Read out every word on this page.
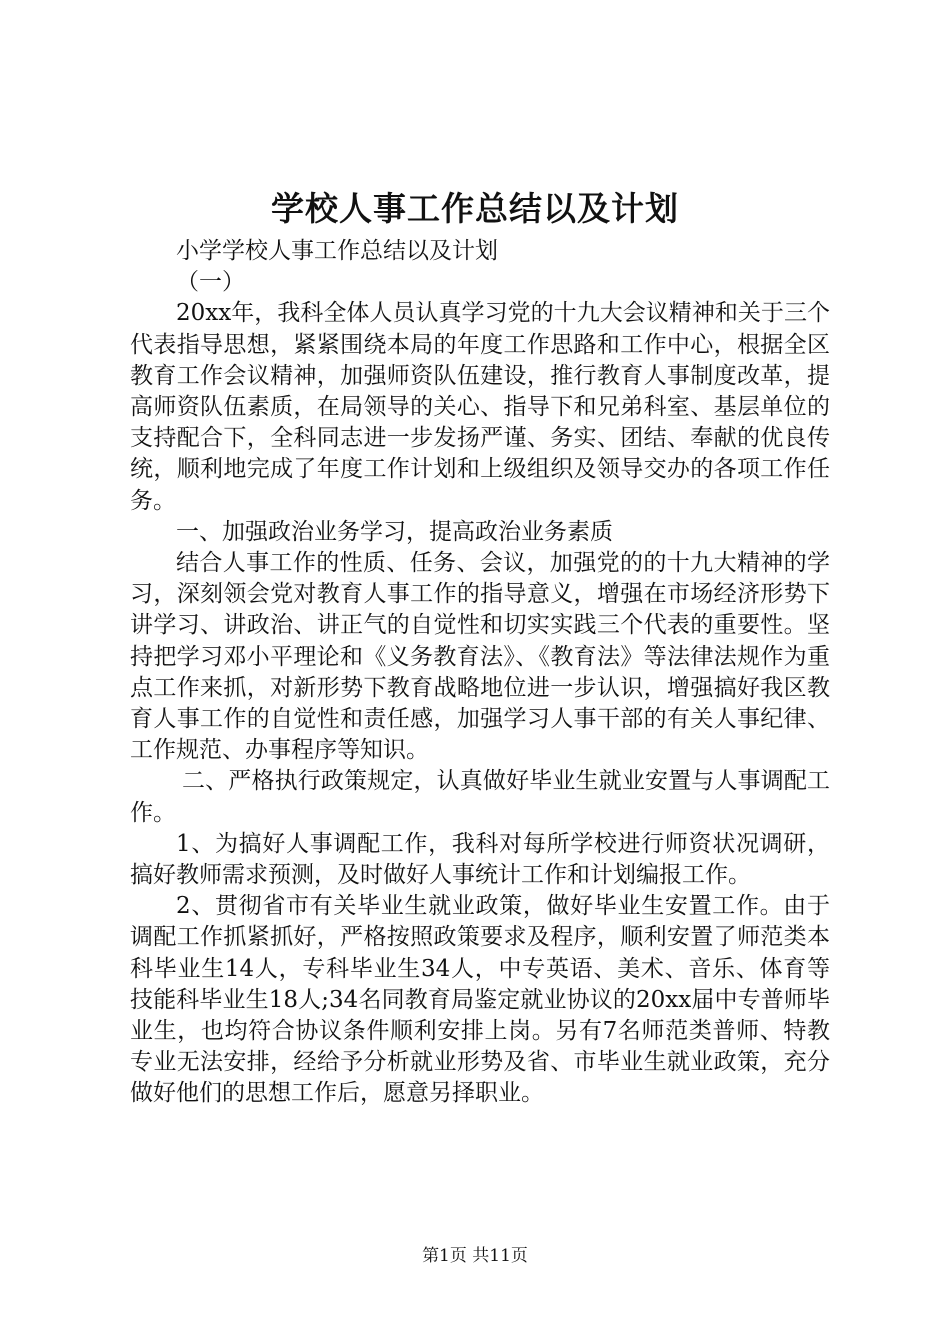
学校人事工作总结以及计划

小学学校人事工作总结以及计划

（一）

20xx年，我科全体人员认真学习党的十九大会议精神和关于三个代表指导思想，紧紧围绕本局的年度工作思路和工作中心，根据全区教育工作会议精神，加强师资队伍建设，推行教育人事制度改革，提高师资队伍素质，在局领导的关心、指导下和兄弟科室、基层单位的支持配合下，全科同志进一步发扬严谨、务实、团结、奉献的优良传统，顺利地完成了年度工作计划和上级组织及领导交办的各项工作任务。

一、加强政治业务学习，提高政治业务素质

结合人事工作的性质、任务、会议，加强党的的十九大精神的学习，深刻领会党对教育人事工作的指导意义，增强在市场经济形势下讲学习、讲政治、讲正气的自觉性和切实实践三个代表的重要性。坚持把学习邓小平理论和《义务教育法》、《教育法》等法律法规作为重点工作来抓，对新形势下教育战略地位进一步认识，增强搞好我区教育人事工作的自觉性和责任感，加强学习人事干部的有关人事纪律、工作规范、办事程序等知识。

二、严格执行政策规定，认真做好毕业生就业安置与人事调配工作。

1、为搞好人事调配工作，我科对每所学校进行师资状况调研，搞好教师需求预测，及时做好人事统计工作和计划编报工作。

2、贯彻省市有关毕业生就业政策，做好毕业生安置工作。由于调配工作抓紧抓好，严格按照政策要求及程序，顺利安置了师范类本科毕业生14人，专科毕业生34人，中专英语、美术、音乐、体育等技能科毕业生18人;34名同教育局鉴定就业协议的20xx届中专普师毕业生，也均符合协议条件顺利安排上岗。另有7名师范类普师、特教专业无法安排，经给予分析就业形势及省、市毕业生就业政策，充分做好他们的思想工作后，愿意另择职业。

第1页 共11页
